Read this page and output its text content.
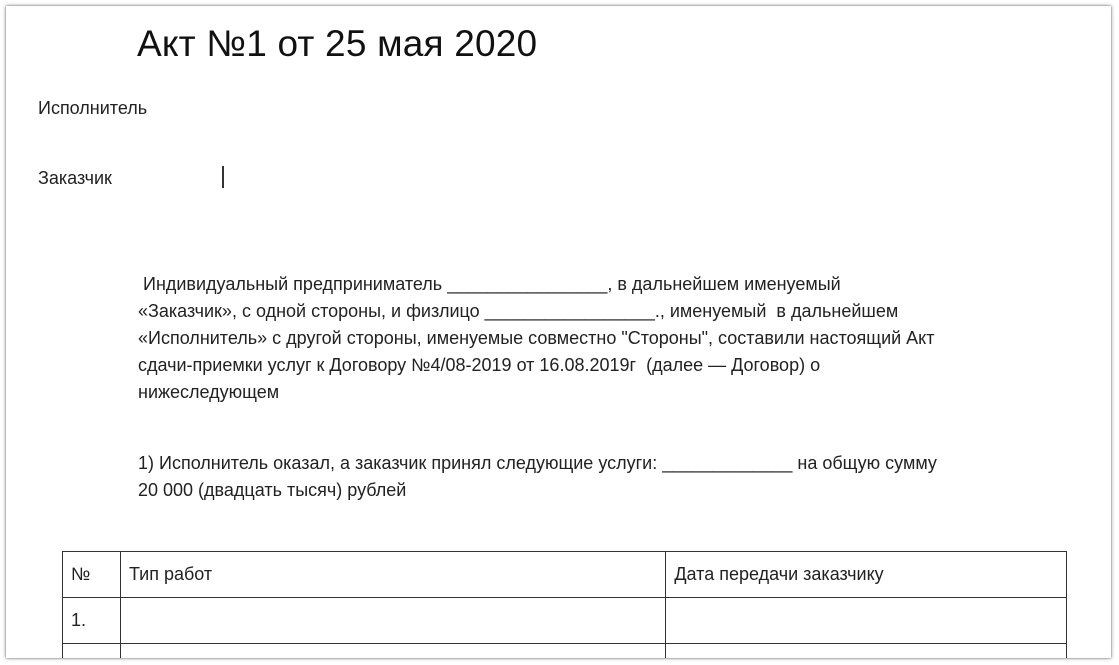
Акт №1 от 25 мая 2020
Исполнитель
Заказчик
Индивидуальный предприниматель ________________, в дальнейшем именуемый
«Заказчик», с одной стороны, и физлицо _________________., именуемый  в дальнейшем
«Исполнитель» с другой стороны, именуемые совместно "Стороны", составили настоящий Акт
сдачи-приемки услуг к Договору №4/08-2019 от 16.08.2019г  (далее — Договор) о
нижеследующем
1) Исполнитель оказал, а заказчик принял следующие услуги: _____________ на общую сумму
20 000 (двадцать тысяч) рублей
№	Тип работ	Дата передачи заказчику
1.		
